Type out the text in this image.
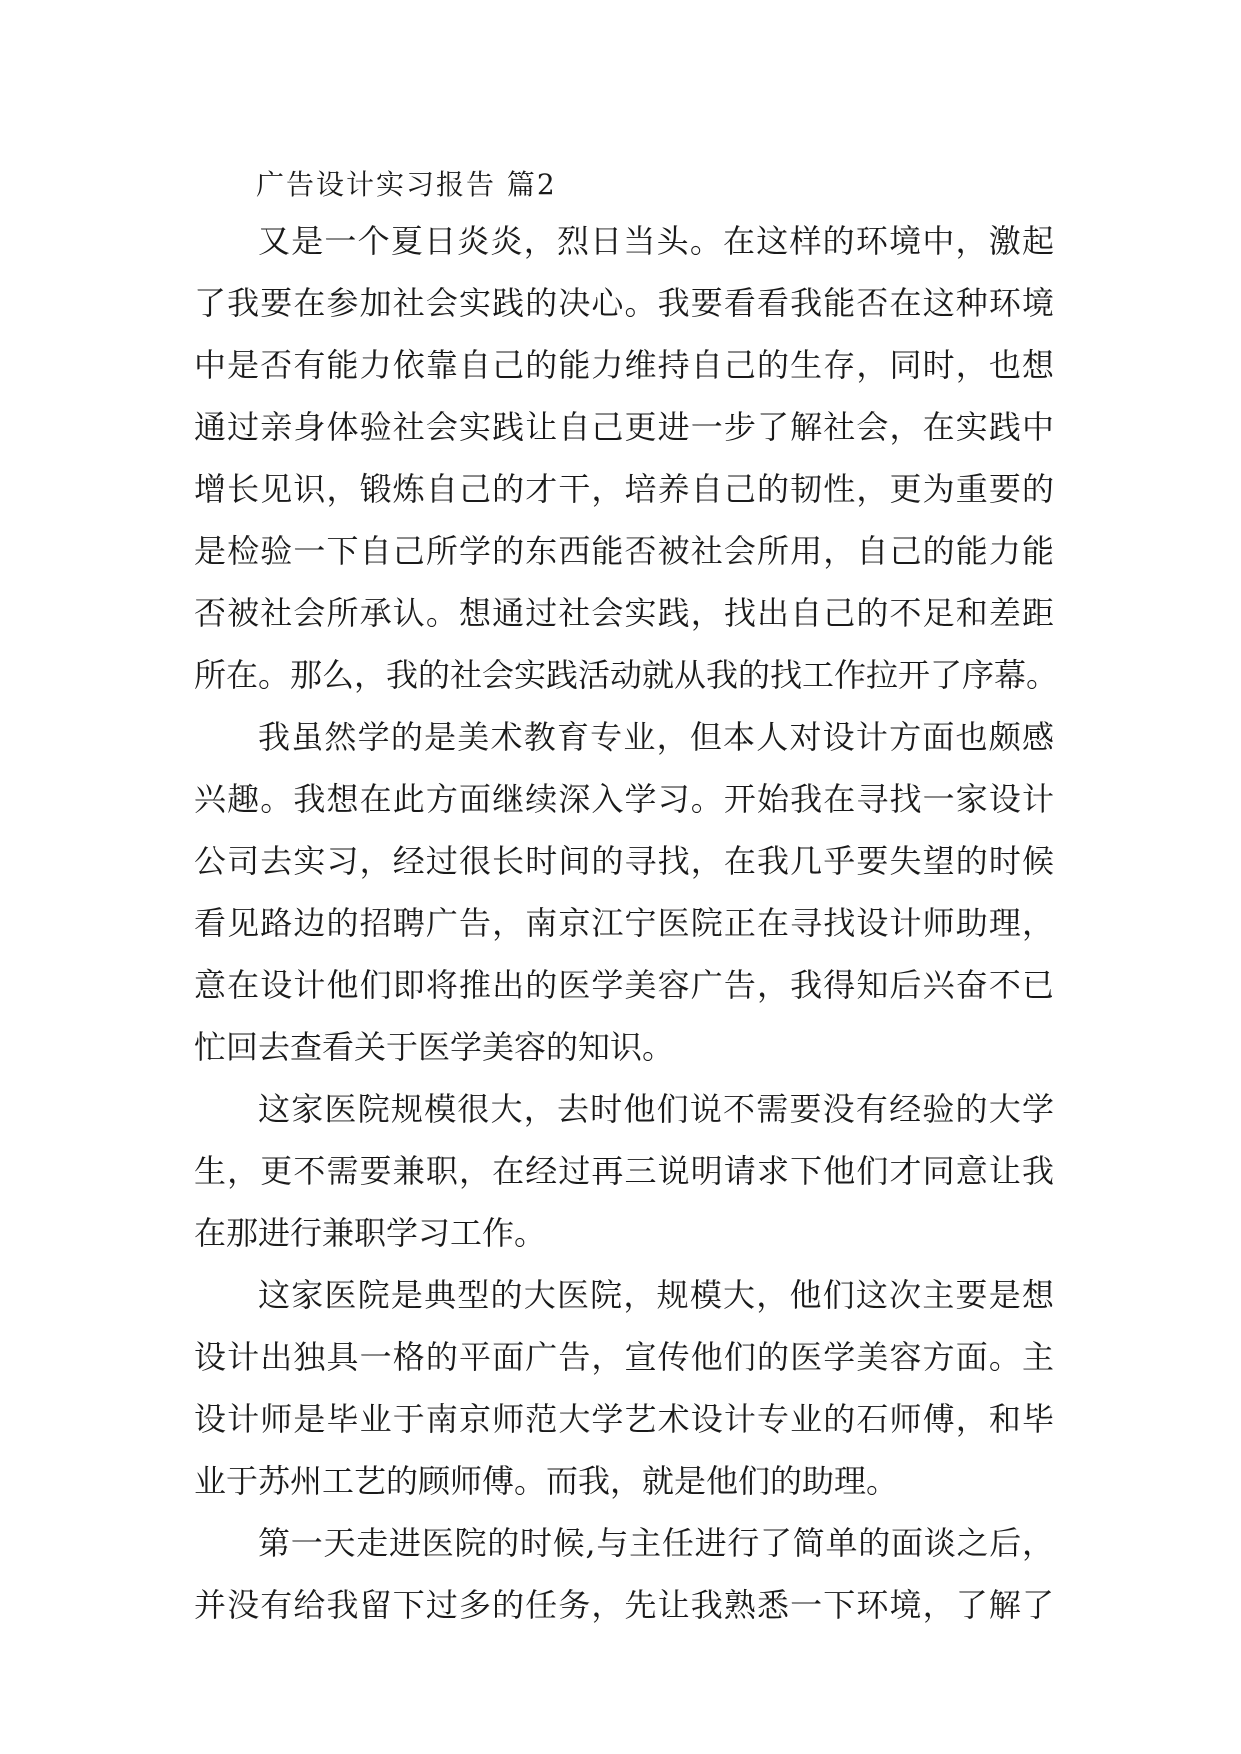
广告设计实习报告 篇2

又是一个夏日炎炎，烈日当头。在这样的环境中，激起
了我要在参加社会实践的决心。我要看看我能否在这种环境
中是否有能力依靠自己的能力维持自己的生存，同时，也想
通过亲身体验社会实践让自己更进一步了解社会，在实践中
增长见识，锻炼自己的才干，培养自己的韧性，更为重要的
是检验一下自己所学的东西能否被社会所用，自己的能力能
否被社会所承认。想通过社会实践，找出自己的不足和差距
所在。那么，我的社会实践活动就从我的找工作拉开了序幕。

我虽然学的是美术教育专业，但本人对设计方面也颇感
兴趣。我想在此方面继续深入学习。开始我在寻找一家设计
公司去实习，经过很长时间的寻找，在我几乎要失望的时候
看见路边的招聘广告，南京江宁医院正在寻找设计师助理，
意在设计他们即将推出的医学美容广告，我得知后兴奋不已
忙回去查看关于医学美容的知识。

这家医院规模很大，去时他们说不需要没有经验的大学
生，更不需要兼职，在经过再三说明请求下他们才同意让我
在那进行兼职学习工作。

这家医院是典型的大医院，规模大，他们这次主要是想
设计出独具一格的平面广告，宣传他们的医学美容方面。主
设计师是毕业于南京师范大学艺术设计专业的石师傅，和毕
业于苏州工艺的顾师傅。而我，就是他们的助理。

第一天走进医院的时候,与主任进行了简单的面谈之后，
并没有给我留下过多的任务，先让我熟悉一下环境，了解了
